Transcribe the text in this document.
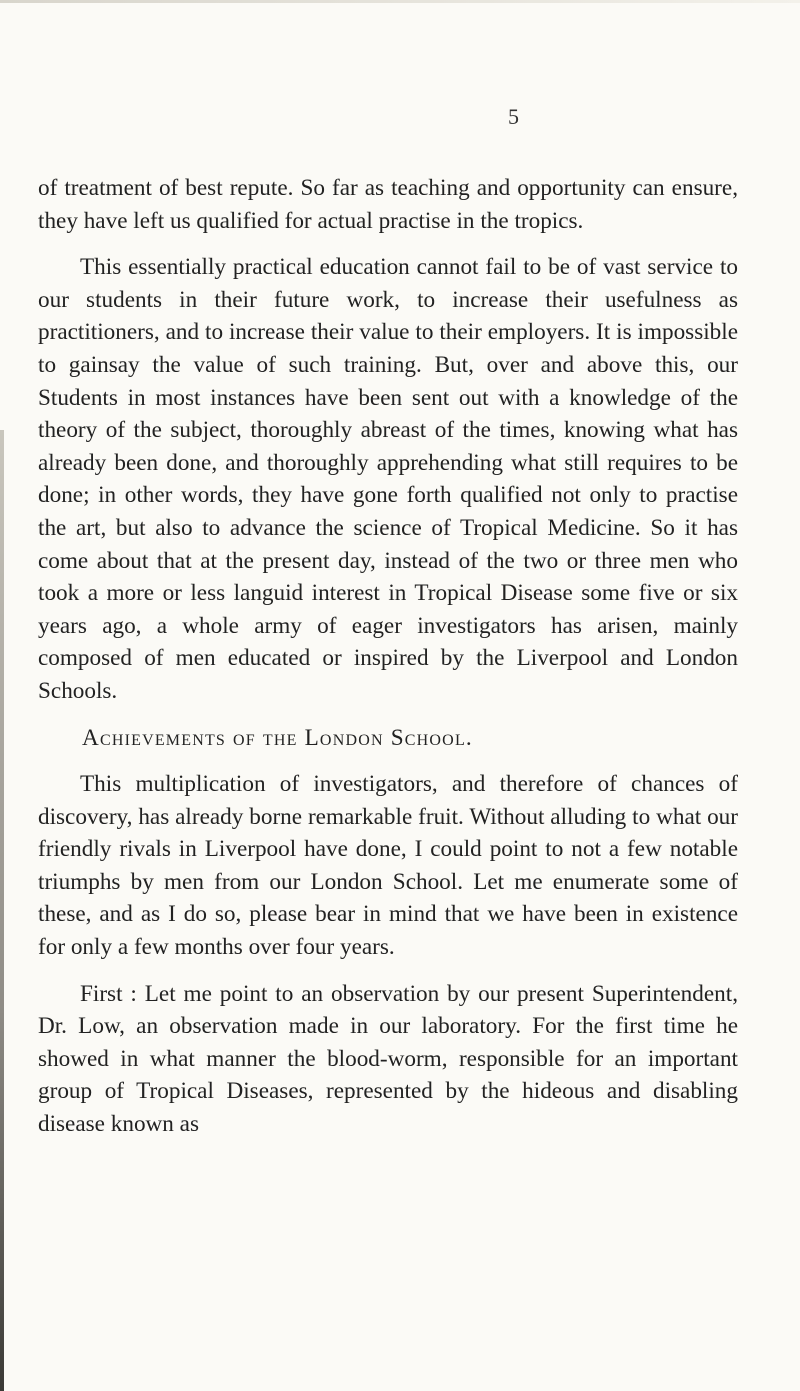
5

of treatment of best repute. So far as teaching and opportunity can ensure, they have left us qualified for actual practise in the tropics.

This essentially practical education cannot fail to be of vast service to our students in their future work, to increase their usefulness as practitioners, and to increase their value to their employers. It is impossible to gainsay the value of such training. But, over and above this, our Students in most instances have been sent out with a knowledge of the theory of the subject, thoroughly abreast of the times, knowing what has already been done, and thoroughly apprehending what still requires to be done; in other words, they have gone forth qualified not only to practise the art, but also to advance the science of Tropical Medicine. So it has come about that at the present day, instead of the two or three men who took a more or less languid interest in Tropical Disease some five or six years ago, a whole army of eager investigators has arisen, mainly composed of men educated or inspired by the Liverpool and London Schools.

Achievements of the London School.

This multiplication of investigators, and therefore of chances of discovery, has already borne remarkable fruit. Without alluding to what our friendly rivals in Liverpool have done, I could point to not a few notable triumphs by men from our London School. Let me enumerate some of these, and as I do so, please bear in mind that we have been in existence for only a few months over four years.

First : Let me point to an observation by our present Superintendent, Dr. Low, an observation made in our laboratory. For the first time he showed in what manner the blood-worm, responsible for an important group of Tropical Diseases, represented by the hideous and disabling disease known as
